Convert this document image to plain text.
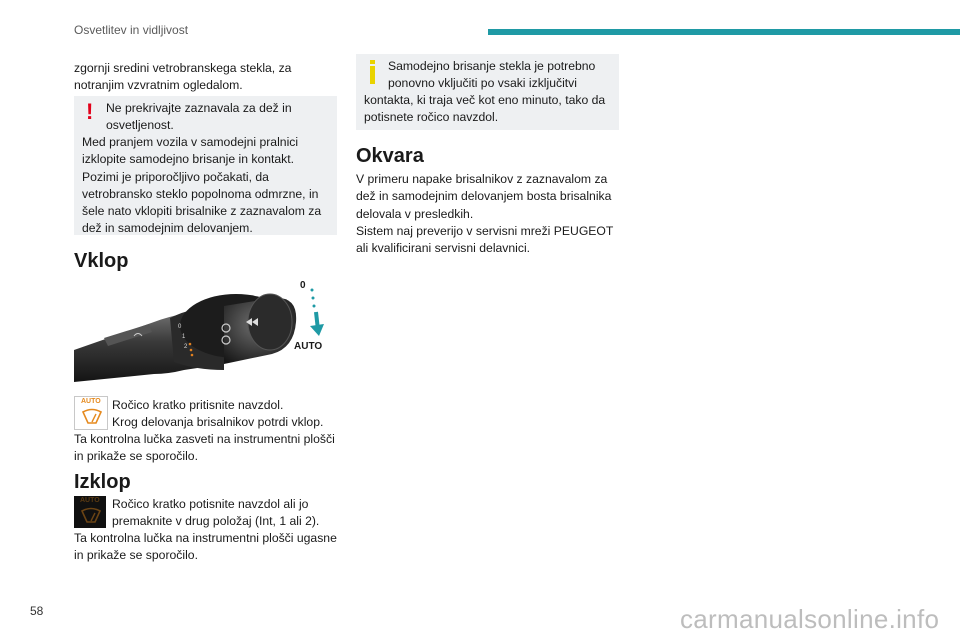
Osvetlitev in vidljivost

zgornji sredini vetrobranskega stekla, za

notranjim vzvratnim ogledalom.

! Ne prekrivajte zaznavala za dež in

osvetljenost.

Med pranjem vozila v samodejni pralnici

izklopite samodejno brisanje in kontakt.

Pozimi je priporočljivo počakati, da

vetrobransko steklo popolnoma odmrzne, in

šele nato vklopiti brisalnike z zaznavalom za

dež in samodejnim delovanjem.

Vklop
0
1
2
0
AUTO
AUTO Ročico kratko pritisnite navzdol.

Krog delovanja brisalnikov potrdi vklop.

Ta kontrolna lučka zasveti na instrumentni plošči

in prikaže se sporočilo.

Izklop
AUTO Ročico kratko potisnite navzdol ali jo

premaknite v drug položaj (Int, 1 ali 2).

Ta kontrolna lučka na instrumentni plošči ugasne

in prikaže se sporočilo.

Samodejno brisanje stekla je potrebno

ponovno vključiti po vsaki izključitvi

kontakta, ki traja več kot eno minuto, tako da

potisnete ročico navzdol.

Okvara

V primeru napake brisalnikov z zaznavalom za

dež in samodejnim delovanjem bosta brisalnika

delovala v presledkih.

Sistem naj preverijo v servisni mreži PEUGEOT

ali kvalificirani servisni delavnici.

58	carmanualsonline.info
